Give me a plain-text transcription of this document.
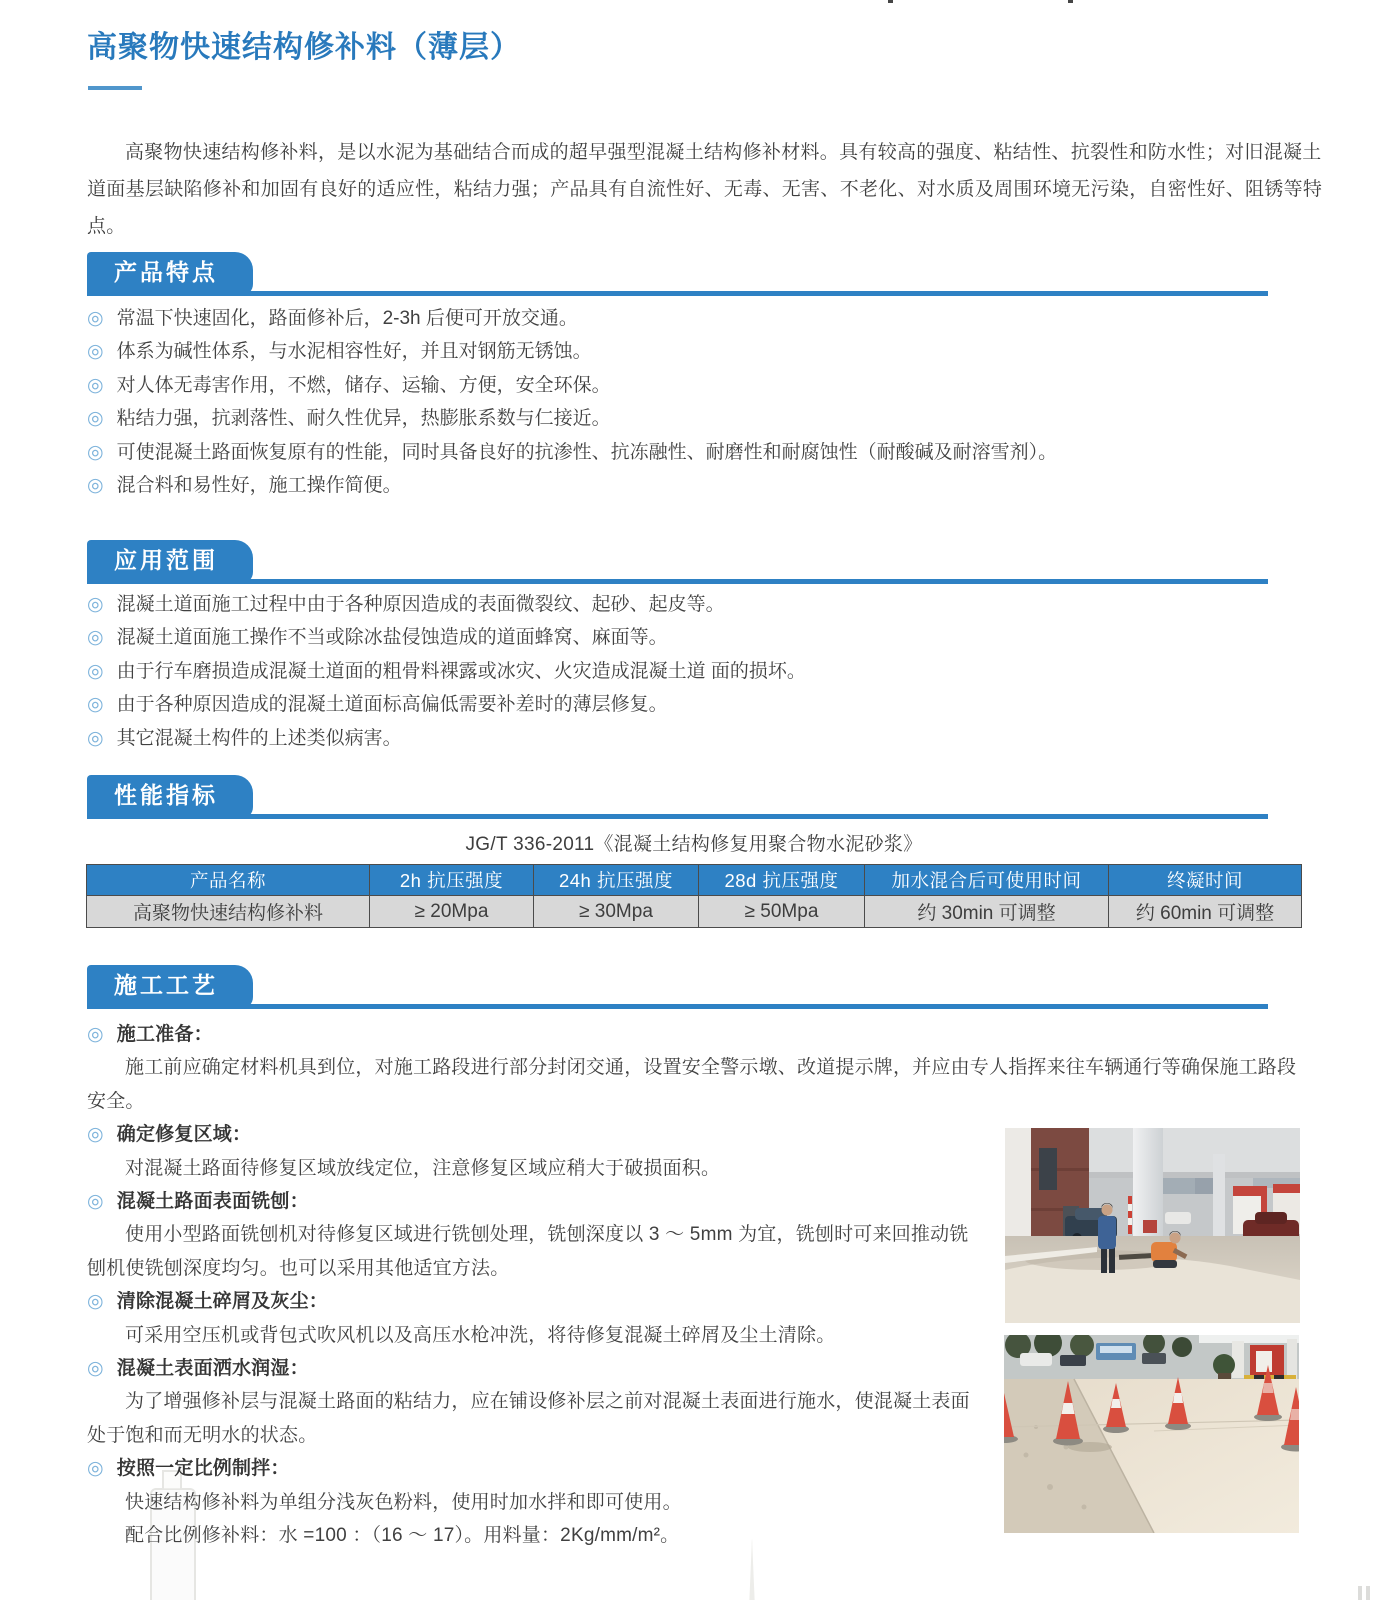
高聚物快速结构修补料（薄层）

高聚物快速结构修补料，是以水泥为基础结合而成的超早强型混凝土结构修补材料。具有较高的强度、粘结性、抗裂性和防水性；对旧混凝土道面基层缺陷修补和加固有良好的适应性，粘结力强；产品具有自流性好、无毒、无害、不老化、对水质及周围环境无污染，自密性好、阻锈等特点。

产品特点
◎ 常温下快速固化，路面修补后，2-3h 后便可开放交通。
◎ 体系为碱性体系，与水泥相容性好，并且对钢筋无锈蚀。
◎ 对人体无毒害作用，不燃，储存、运输、方便，安全环保。
◎ 粘结力强，抗剥落性、耐久性优异，热膨胀系数与仁接近。
◎ 可使混凝土路面恢复原有的性能，同时具备良好的抗渗性、抗冻融性、耐磨性和耐腐蚀性（耐酸碱及耐溶雪剂）。
◎ 混合料和易性好，施工操作简便。
应用范围
◎ 混凝土道面施工过程中由于各种原因造成的表面微裂纹、起砂、起皮等。
◎ 混凝土道面施工操作不当或除冰盐侵蚀造成的道面蜂窝、麻面等。
◎ 由于行车磨损造成混凝土道面的粗骨料裸露或冰灾、火灾造成混凝土道 面的损坏。
◎ 由于各种原因造成的混凝土道面标高偏低需要补差时的薄层修复。
◎ 其它混凝土构件的上述类似病害。
性能指标

JG/T 336-2011《混凝土结构修复用聚合物水泥砂浆》

产品名称	2h 抗压强度	24h 抗压强度	28d 抗压强度	加水混合后可使用时间	终凝时间
高聚物快速结构修补料	≥ 20Mpa	≥ 30Mpa	≥ 50Mpa	约 30min 可调整	约 60min 可调整
施工工艺
◎ 施工准备：

施工前应确定材料机具到位，对施工路段进行部分封闭交通，设置安全警示墩、改道提示牌，并应由专人指挥来往车辆通行等确保施工路段安全。

◎ 确定修复区域：

对混凝土路面待修复区域放线定位，注意修复区域应稍大于破损面积。

◎ 混凝土路面表面铣刨：

使用小型路面铣刨机对待修复区域进行铣刨处理，铣刨深度以 3 ～ 5mm 为宜，铣刨时可来回推动铣刨机使铣刨深度均匀。也可以采用其他适宜方法。

◎ 清除混凝土碎屑及灰尘：

可采用空压机或背包式吹风机以及高压水枪冲洗，将待修复混凝土碎屑及尘土清除。

◎ 混凝土表面洒水润湿：

为了增强修补层与混凝土路面的粘结力，应在铺设修补层之前对混凝土表面进行施水，使混凝土表面处于饱和而无明水的状态。

◎ 按照一定比例制拌：

快速结构修补料为单组分浅灰色粉料，使用时加水拌和即可使用。

配合比例修补料：水 =100 ：（16 ～ 17）。用料量：2Kg/mm/m²。
